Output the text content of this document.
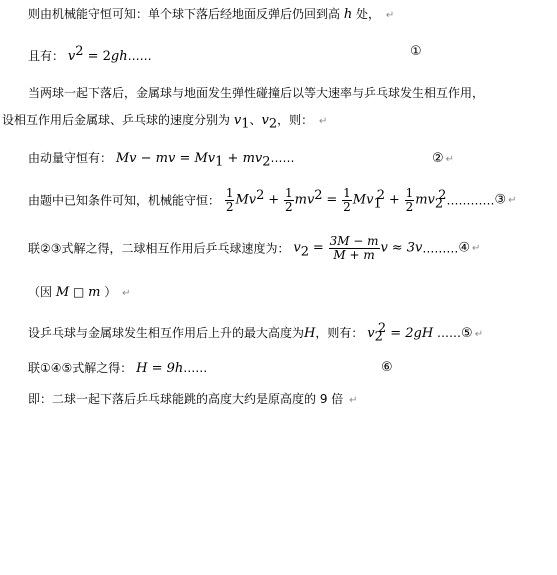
则由机械能守恒可知：单个球下落后经地面反弹后仍回到高 h 处， ↵
且有： $v^2$ = 2gh……	①
当两球一起下落后，金属球与地面发生弹性碰撞后以等大速率与乒乓球发生相互作用，
设相互作用后金属球、乒乓球的速度分别为 $v_1$、$v_2$，则： ↵
由动量守恒有： Mv − mv = $Mv_1$ + $mv_2\dots\dots$	② ↵
由题中已知条件可知，机械能守恒： $\frac{1}{2} Mv^2 + \frac{1}{2} mv^2 = \frac{1}{2} Mv_1^2 + \frac{1}{2}$ $mv_2^2\dots\dots\dots\dots ③$ ↵
联②③式解之得，二球相互作用后乒乓球速度为： $v_2 = \frac{3M - m}{M + m}$ v ≈ 3v………④ ↵
（因 M □ m ） ↵
设乒乓球与金属球发生相互作用后上升的最大高度为H，则有： $v_2^2 = 2gH$ ……⑤ ↵
联①④⑤式解之得： H = 9h……	⑥
即：二球一起下落后乒乓球能跳的高度大约是原高度的 9 倍 ↵
